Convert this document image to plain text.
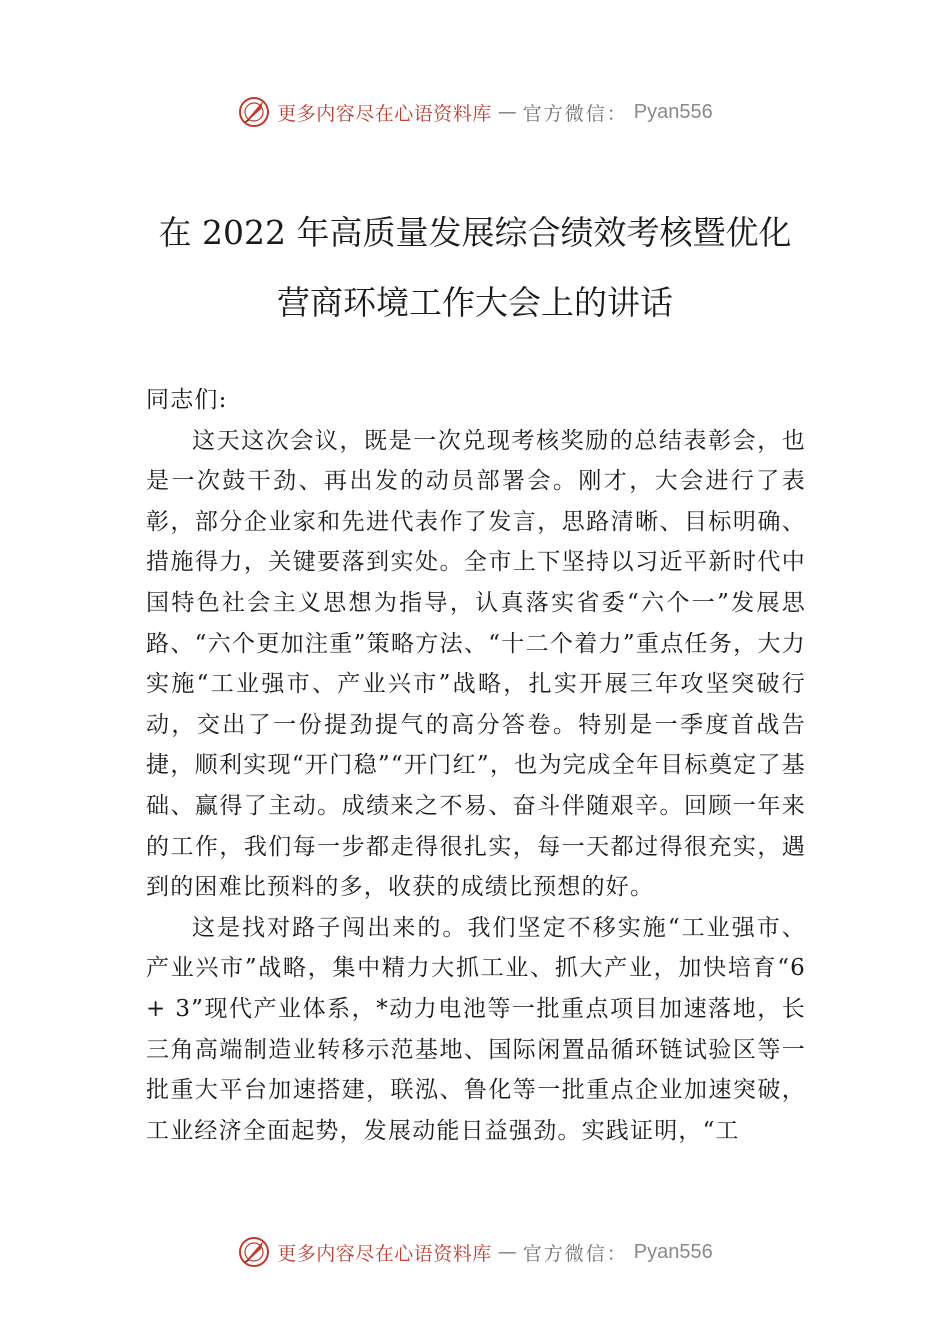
更多内容尽在心语资料库 — 官方微信： Pyan556
在 2022 年高质量发展综合绩效考核暨优化
营商环境工作大会上的讲话

同志们:

这天这次会议，既是一次兑现考核奖励的总结表彰会，也是一次鼓干劲、再出发的动员部署会。刚才，大会进行了表彰，部分企业家和先进代表作了发言，思路清晰、目标明确、措施得力，关键要落到实处。全市上下坚持以习近平新时代中国特色社会主义思想为指导，认真落实省委“六个一”发展思路、“六个更加注重”策略方法、“十二个着力”重点任务，大力实施“工业强市、产业兴市”战略，扎实开展三年攻坚突破行动，交出了一份提劲提气的高分答卷。特别是一季度首战告捷，顺利实现“开门稳”“开门红”，也为完成全年目标奠定了基础、赢得了主动。成绩来之不易、奋斗伴随艰辛。回顾一年来的工作，我们每一步都走得很扎实，每一天都过得很充实，遇到的困难比预料的多，收获的成绩比预想的好。

这是找对路子闯出来的。我们坚定不移实施“工业强市、产业兴市”战略，集中精力大抓工业、抓大产业，加快培育“6 + 3”现代产业体系，*动力电池等一批重点项目加速落地，长三角高端制造业转移示范基地、国际闲置品循环链试验区等一批重大平台加速搭建，联泓、鲁化等一批重点企业加速突破，工业经济全面起势，发展动能日益强劲。实践证明，“工

更多内容尽在心语资料库 — 官方微信： Pyan556
